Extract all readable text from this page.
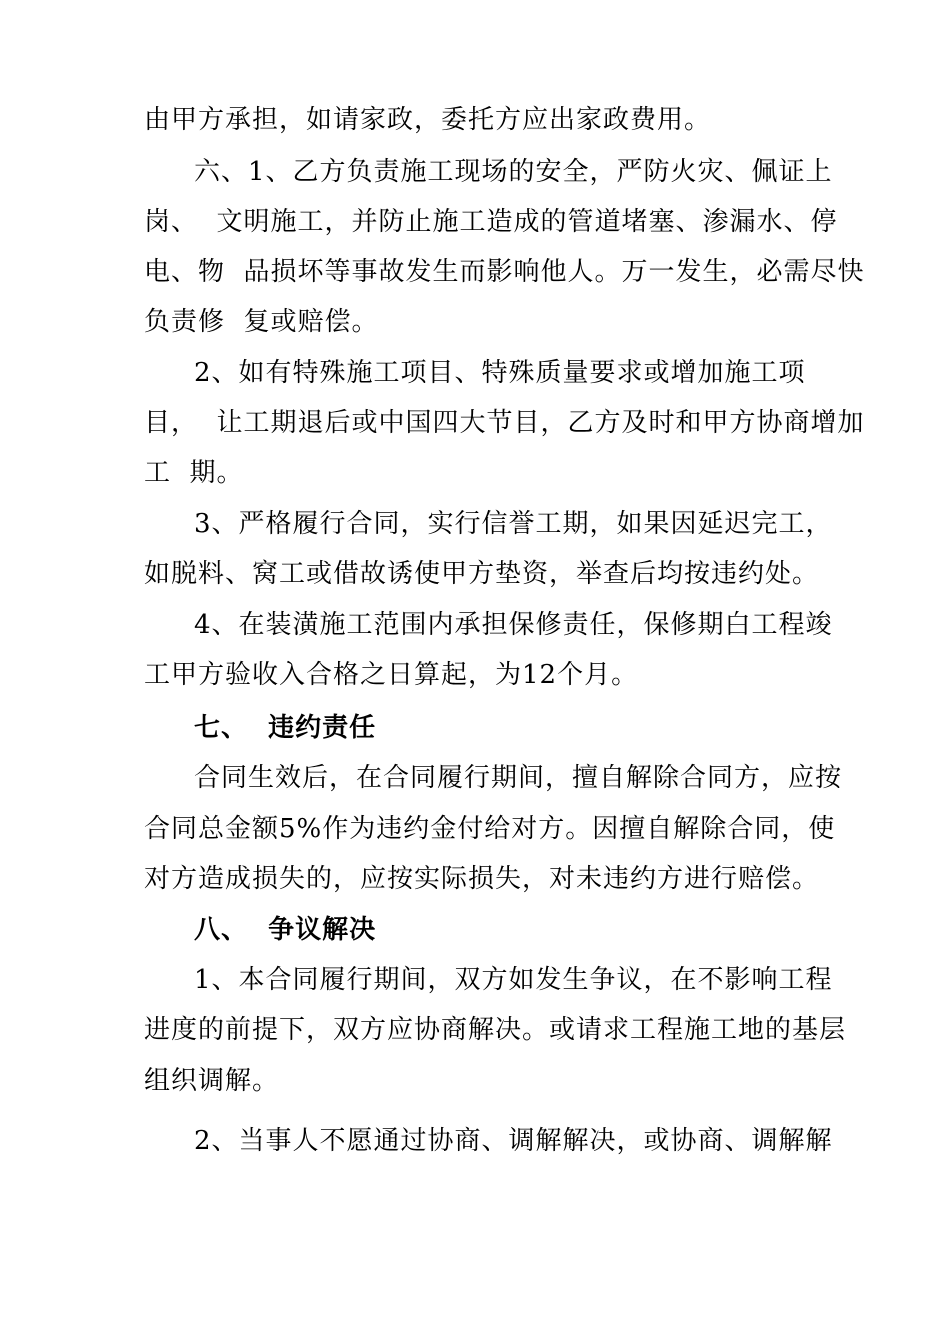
由甲方承担，如请家政，委托方应出家政费用。
六、1、乙方负责施工现场的安全，严防火灾、佩证上
岗、  文明施工，并防止施工造成的管道堵塞、渗漏水、停
电、物  品损坏等事故发生而影响他人。万一发生，必需尽快
负责修  复或赔偿。
2、如有特殊施工项目、特殊质量要求或增加施工项
目，  让工期退后或中国四大节目，乙方及时和甲方协商增加
工  期。
3、严格履行合同，实行信誉工期，如果因延迟完工，
如脱料、窝工或借故诱使甲方垫资，举查后均按违约处。
4、在装潢施工范围内承担保修责任，保修期白工程竣
工甲方验收入合格之日算起，为12个月。
七、  违约责任
合同生效后，在合同履行期间，擅自解除合同方，应按
合同总金额5%作为违约金付给对方。因擅自解除合同，使
对方造成损失的，应按实际损失，对未违约方进行赔偿。
八、  争议解决
1、本合同履行期间，双方如发生争议，在不影响工程
进度的前提下，双方应协商解决。或请求工程施工地的基层
组织调解。
2、当事人不愿通过协商、调解解决，或协商、调解解
